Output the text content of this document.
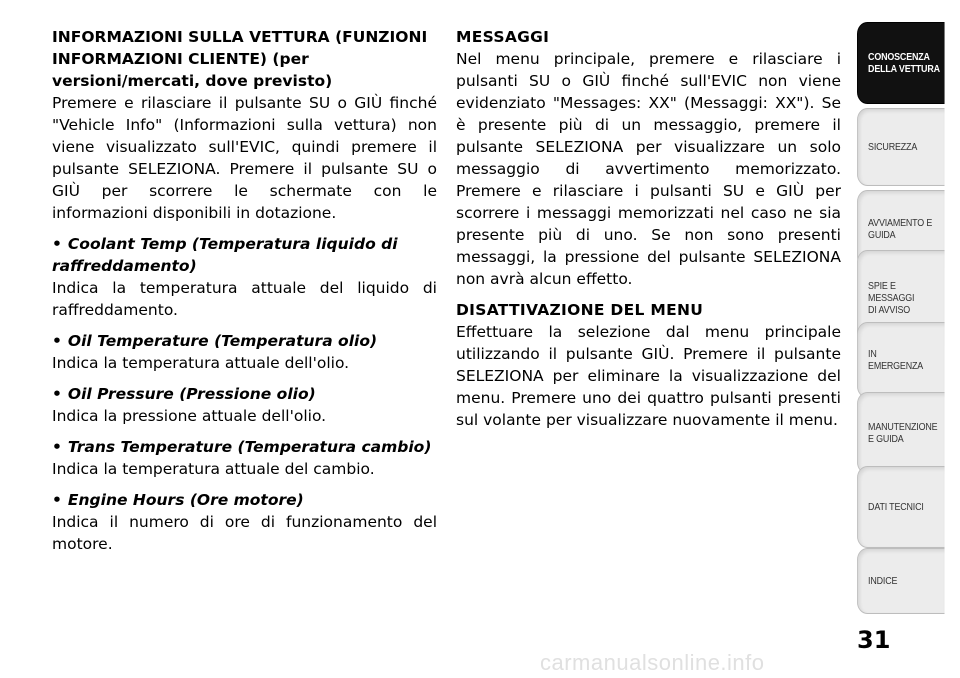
INFORMAZIONI SULLA VETTURA (FUNZIONI INFORMAZIONI CLIENTE) (per versioni/mercati, dove previsto)

Premere e rilasciare il pulsante SU o GIÙ finché "Vehicle Info" (Informazioni sulla vettura) non viene visualizzato sull'EVIC, quindi premere il pulsante SELEZIONA. Premere il pulsante SU o GIÙ per scorrere le schermate con le informazioni disponibili in dotazione.

• Coolant Temp (Temperatura liquido di raffreddamento)

Indica la temperatura attuale del liquido di raffreddamento.

• Oil Temperature (Temperatura olio)

Indica la temperatura attuale dell'olio.

• Oil Pressure (Pressione olio)

Indica la pressione attuale dell'olio.

• Trans Temperature (Temperatura cambio)

Indica la temperatura attuale del cambio.

• Engine Hours (Ore motore)

Indica il numero di ore di funzionamento del motore.

MESSAGGI

Nel menu principale, premere e rilasciare i pulsanti SU o GIÙ finché sull'EVIC non viene evidenziato "Messages: XX" (Messaggi: XX"). Se è presente più di un messaggio, premere il pulsante SELEZIONA per visualizzare un solo messaggio di avvertimento memorizzato. Premere e rilasciare i pulsanti SU e GIÙ per scorrere i messaggi memorizzati nel caso ne sia presente più di uno. Se non sono presenti messaggi, la pressione del pulsante SELEZIONA non avrà alcun effetto.

DISATTIVAZIONE DEL MENU

Effettuare la selezione dal menu principale utilizzando il pulsante GIÙ. Premere il pulsante SELEZIONA per eliminare la visualizzazione del menu. Premere uno dei quattro pulsanti presenti sul volante per visualizzare nuovamente il menu.

CONOSCENZA
DELLA VETTURA
SICUREZZA
AVVIAMENTO E
GUIDA
SPIE E
MESSAGGI
DI AVVISO
IN
EMERGENZA
MANUTENZIONE
E GUIDA
DATI TECNICI
INDICE
31
carmanualsonline.info
